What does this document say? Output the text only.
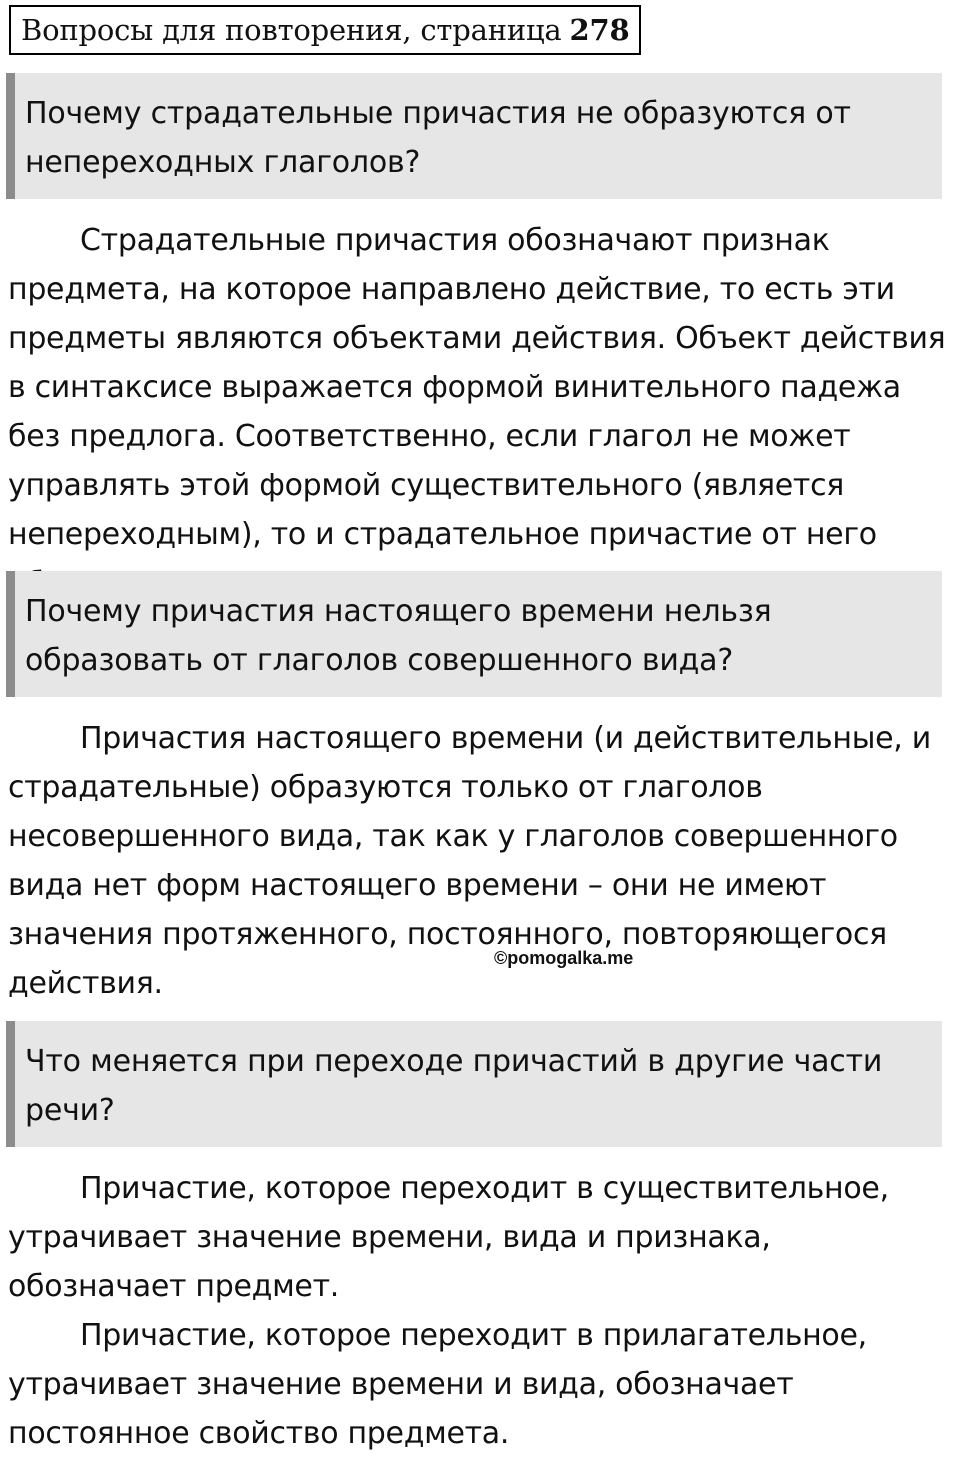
Вопросы для повторения, страница 278
Почему страдательные причастия не образуются от непереходных глаголов?

Страдательные причастия обозначают признак предмета, на которое направлено действие, то есть эти предметы являются объектами действия. Объект действия в синтаксисе выражается формой винительного падежа без предлога. Соответственно, если глагол не может управлять этой формой существительного (является непереходным), то и страдательное причастие от него

Почему причастия настоящего времени нельзя образовать от глаголов совершенного вида?

Причастия настоящего времени (и действительные, и страдательные) образуются только от глаголов несовершенного вида, так как у глаголов совершенного вида нет форм настоящего времени – они не имеют значения протяженного, постоянного, повторяющегося действия.

©pomogalka.me
Что меняется при переходе причастий в другие части речи?

Причастие, которое переходит в существительное, утрачивает значение времени, вида и признака, обозначает предмет.

Причастие, которое переходит в прилагательное, утрачивает значение времени и вида, обозначает постоянное свойство предмета.
